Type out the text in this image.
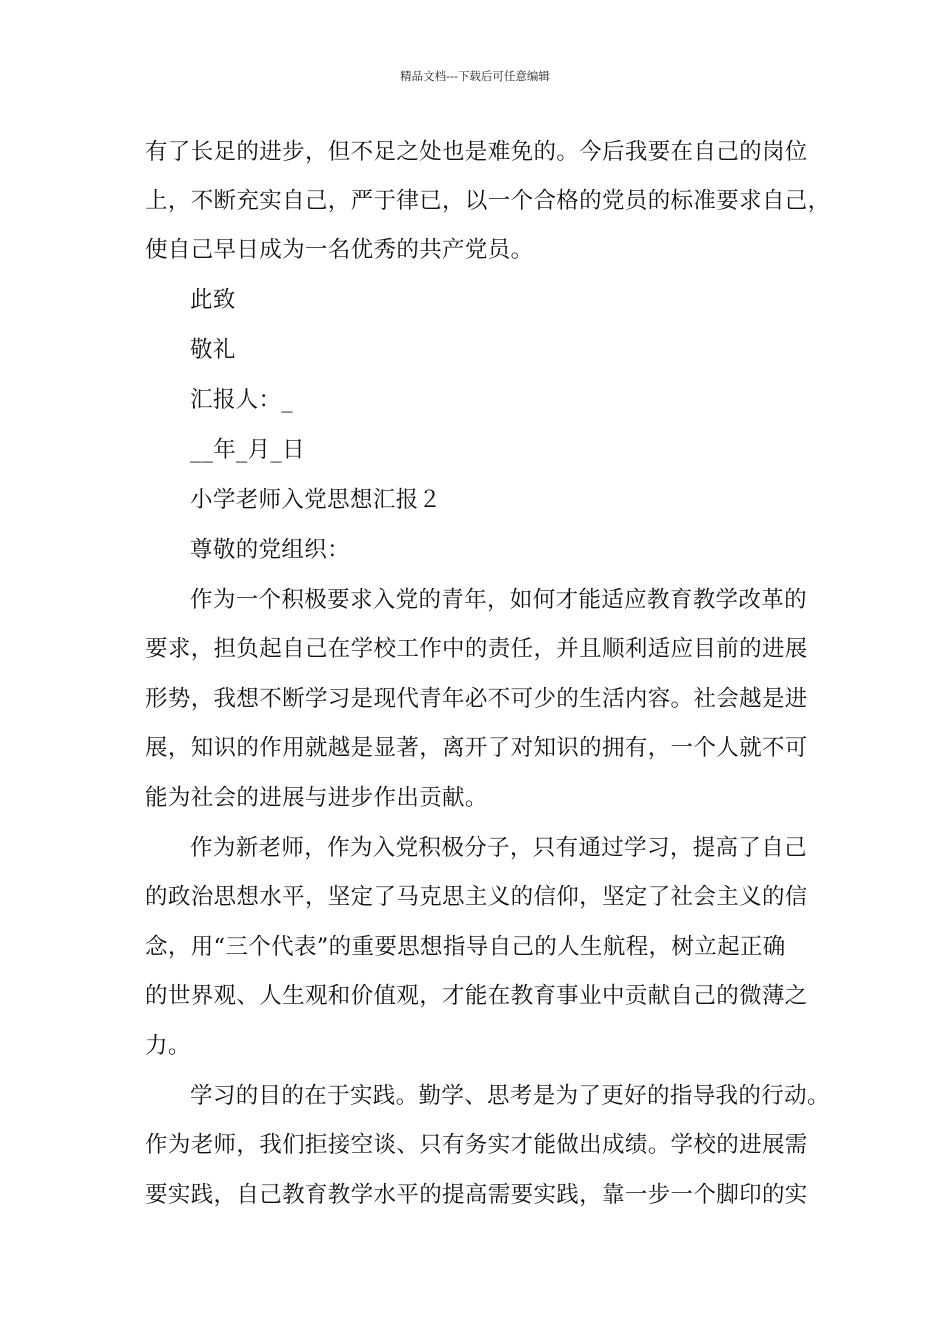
精品文档---下载后可任意编辑
有了长足的进步，但不足之处也是难免的。今后我要在自己的岗位
上，不断充实自己，严于律已，以一个合格的党员的标准要求自己，
使自己早日成为一名优秀的共产党员。
此致
敬礼
汇报人：_
__年_月_日
小学老师入党思想汇报２
尊敬的党组织：
作为一个积极要求入党的青年，如何才能适应教育教学改革的
要求，担负起自己在学校工作中的责任，并且顺利适应目前的进展
形势，我想不断学习是现代青年必不可少的生活内容。社会越是进
展，知识的作用就越是显著，离开了对知识的拥有，一个人就不可
能为社会的进展与进步作出贡献。
作为新老师，作为入党积极分子，只有通过学习，提高了自己
的政治思想水平，坚定了马克思主义的信仰，坚定了社会主义的信
念，用“三个代表”的重要思想指导自己的人生航程，树立起正确
的世界观、人生观和价值观，才能在教育事业中贡献自己的微薄之
力。
学习的目的在于实践。勤学、思考是为了更好的指导我的行动。
作为老师，我们拒接空谈、只有务实才能做出成绩。学校的进展需
要实践，自己教育教学水平的提高需要实践，靠一步一个脚印的实
